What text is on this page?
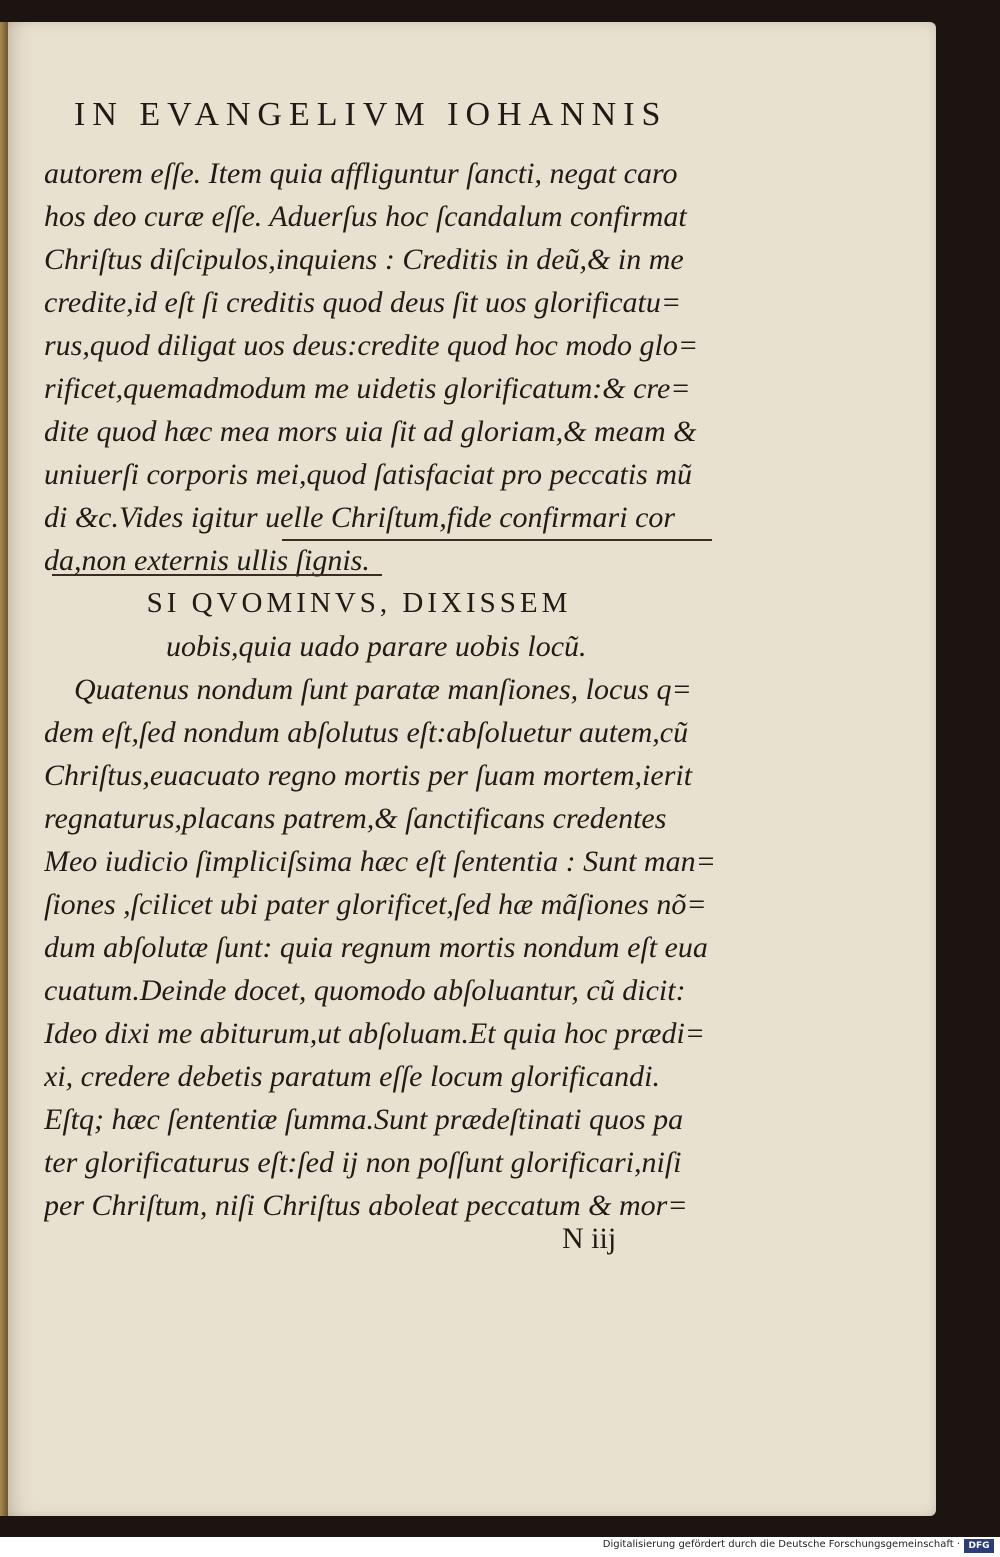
IN EVANGELIVM IOHANNIS
autorem eſſe. Item quia affliguntur ſancti, negat caro
hos deo curæ eſſe. Aduerſus hoc ſcandalum confirmat
Chriſtus diſcipulos,inquiens : Creditis in deũ,& in me
credite,id eſt ſi creditis quod deus ſit uos glorificatu=
rus,quod diligat uos deus:credite quod hoc modo glo=
rificet,quemadmodum me uidetis glorificatum:& cre=
dite quod hæc mea mors uia ſit ad gloriam,& meam &
uniuerſi corporis mei,quod ſatisfaciat pro peccatis mũ
di &c.Vides igitur uelle Chriſtum,fide confirmari cor
da,non externis ullis ſignis.
SI QVOMINVS, DIXISSEM
uobis,quia uado parare uobis locũ.
Quatenus nondum ſunt paratæ manſiones, locus q=
dem eſt,ſed nondum abſolutus eſt:abſoluetur autem,cũ
Chriſtus,euacuato regno mortis per ſuam mortem,ierit
regnaturus,placans patrem,& ſanctificans credentes
Meo iudicio ſimpliciſsima hæc eſt ſententia : Sunt man=
ſiones ,ſcilicet ubi pater glorificet,ſed hæ mãſiones nõ=
dum abſolutæ ſunt: quia regnum mortis nondum eſt eua
cuatum.Deinde docet, quomodo abſoluantur, cũ dicit:
Ideo dixi me abiturum,ut abſoluam.Et quia hoc prædi=
xi, credere debetis paratum eſſe locum glorificandi.
Eſtq; hæc ſententiæ ſumma.Sunt prædeſtinati quos pa
ter glorificaturus eſt:ſed ij non poſſunt glorificari,niſi
per Chriſtum, niſi Chriſtus aboleat peccatum & mor=
N iij
Digitalisierung gefördert durch die Deutsche Forschungsgemeinschaft · DFG
